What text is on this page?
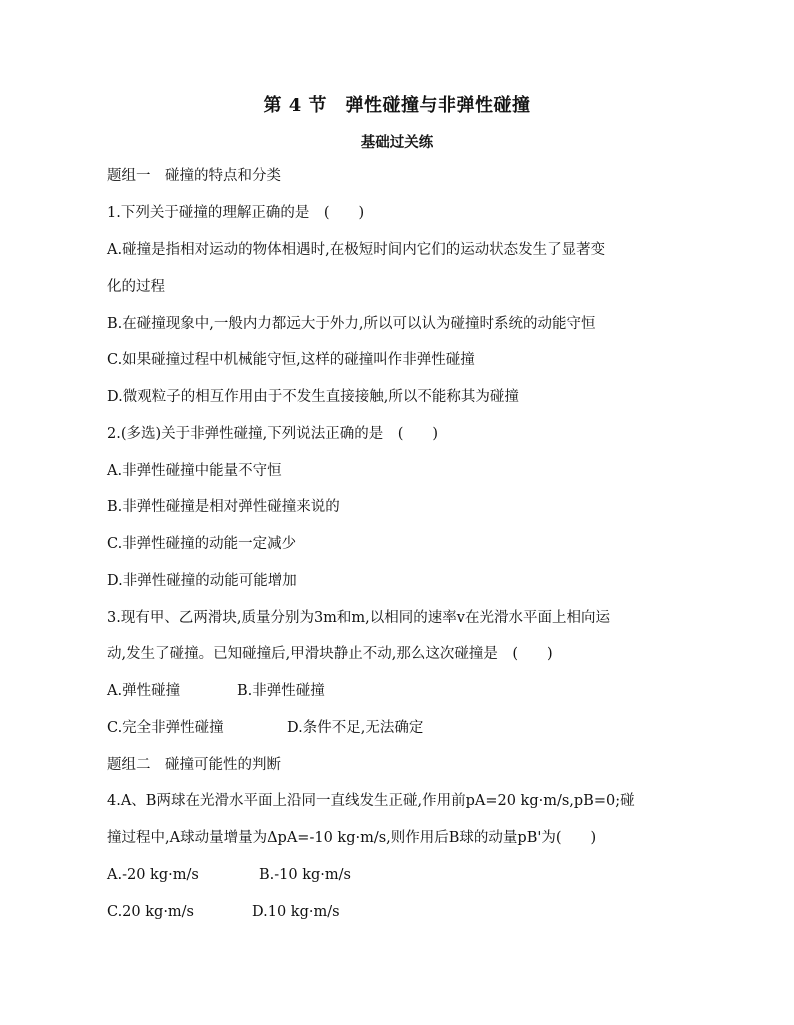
第 4 节　弹性碰撞与非弹性碰撞
基础过关练
题组一　碰撞的特点和分类
1.下列关于碰撞的理解正确的是　(　　)
A.碰撞是指相对运动的物体相遇时,在极短时间内它们的运动状态发生了显著变
化的过程
B.在碰撞现象中,一般内力都远大于外力,所以可以认为碰撞时系统的动能守恒
C.如果碰撞过程中机械能守恒,这样的碰撞叫作非弹性碰撞
D.微观粒子的相互作用由于不发生直接接触,所以不能称其为碰撞
2.(多选)关于非弹性碰撞,下列说法正确的是　(　　)
A.非弹性碰撞中能量不守恒
B.非弹性碰撞是相对弹性碰撞来说的
C.非弹性碰撞的动能一定减少
D.非弹性碰撞的动能可能增加
3.现有甲、乙两滑块,质量分别为3m和m,以相同的速率v在光滑水平面上相向运
动,发生了碰撞。已知碰撞后,甲滑块静止不动,那么这次碰撞是　(　　)
A.弹性碰撞	B.非弹性碰撞
C.完全非弹性碰撞	D.条件不足,无法确定
题组二　碰撞可能性的判断
4.A、B两球在光滑水平面上沿同一直线发生正碰,作用前pA=20 kg·m/s,pB=0;碰
撞过程中,A球动量增量为ΔpA=-10 kg·m/s,则作用后B球的动量pB'为(　　)
A.-20 kg·m/s	B.-10 kg·m/s
C.20 kg·m/s	D.10 kg·m/s
